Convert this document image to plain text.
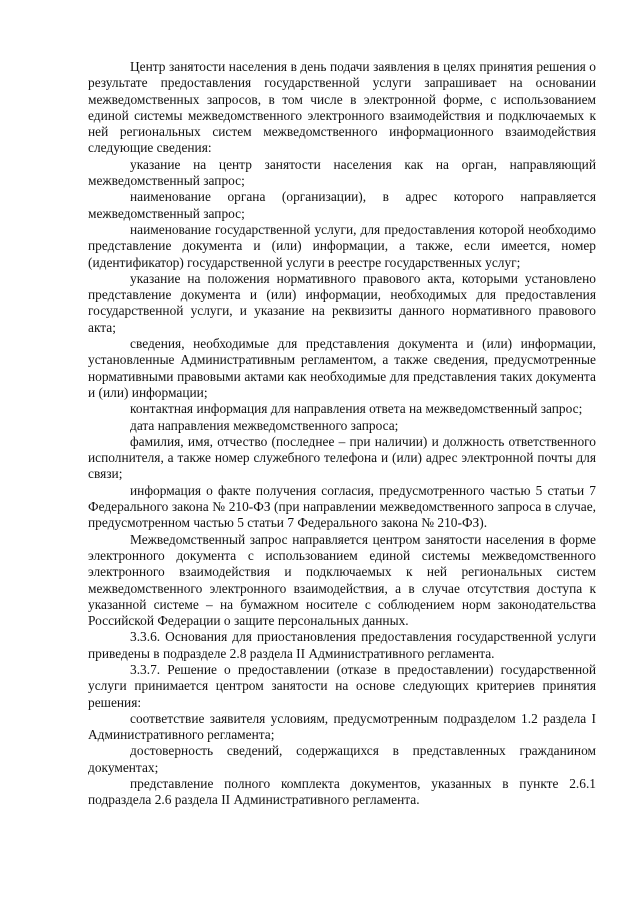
Центр занятости населения в день подачи заявления в целях принятия решения о результате предоставления государственной услуги запрашивает на основании межведомственных запросов, в том числе в электронной форме, с использованием единой системы межведомственного электронного взаимодействия и подключаемых к ней региональных систем межведомственного информационного взаимодействия следующие сведения:

указание на центр занятости населения как на орган, направляющий межведомственный запрос;

наименование органа (организации), в адрес которого направляется межведомственный запрос;

наименование государственной услуги, для предоставления которой необходимо представление документа и (или) информации, а также, если имеется, номер (идентификатор) государственной услуги в реестре государственных услуг;

указание на положения нормативного правового акта, которыми установлено представление документа и (или) информации, необходимых для предоставления государственной услуги, и указание на реквизиты данного нормативного правового акта;

сведения, необходимые для представления документа и (или) информации, установленные Административным регламентом, а также сведения, предусмотренные нормативными правовыми актами как необходимые для представления таких документа и (или) информации;

контактная информация для направления ответа на межведомственный запрос;

дата направления межведомственного запроса;

фамилия, имя, отчество (последнее – при наличии) и должность ответственного исполнителя, а также номер служебного телефона и (или) адрес электронной почты для связи;

информация о факте получения согласия, предусмотренного частью 5 статьи 7 Федерального закона № 210-ФЗ (при направлении межведомственного запроса в случае, предусмотренном частью 5 статьи 7 Федерального закона № 210-ФЗ).

Межведомственный запрос направляется центром занятости населения в форме электронного документа с использованием единой системы межведомственного электронного взаимодействия и подключаемых к ней региональных систем межведомственного электронного взаимодействия, а в случае отсутствия доступа к указанной системе – на бумажном носителе с соблюдением норм законодательства Российской Федерации о защите персональных данных.

3.3.6. Основания для приостановления предоставления государственной услуги приведены в подразделе 2.8 раздела II Административного регламента.

3.3.7. Решение о предоставлении (отказе в предоставлении) государственной услуги принимается центром занятости на основе следующих критериев принятия решения:

соответствие заявителя условиям, предусмотренным подразделом 1.2 раздела I Административного регламента;

достоверность сведений, содержащихся в представленных гражданином документах;

представление полного комплекта документов, указанных в пункте 2.6.1 подраздела 2.6 раздела II Административного регламента.
